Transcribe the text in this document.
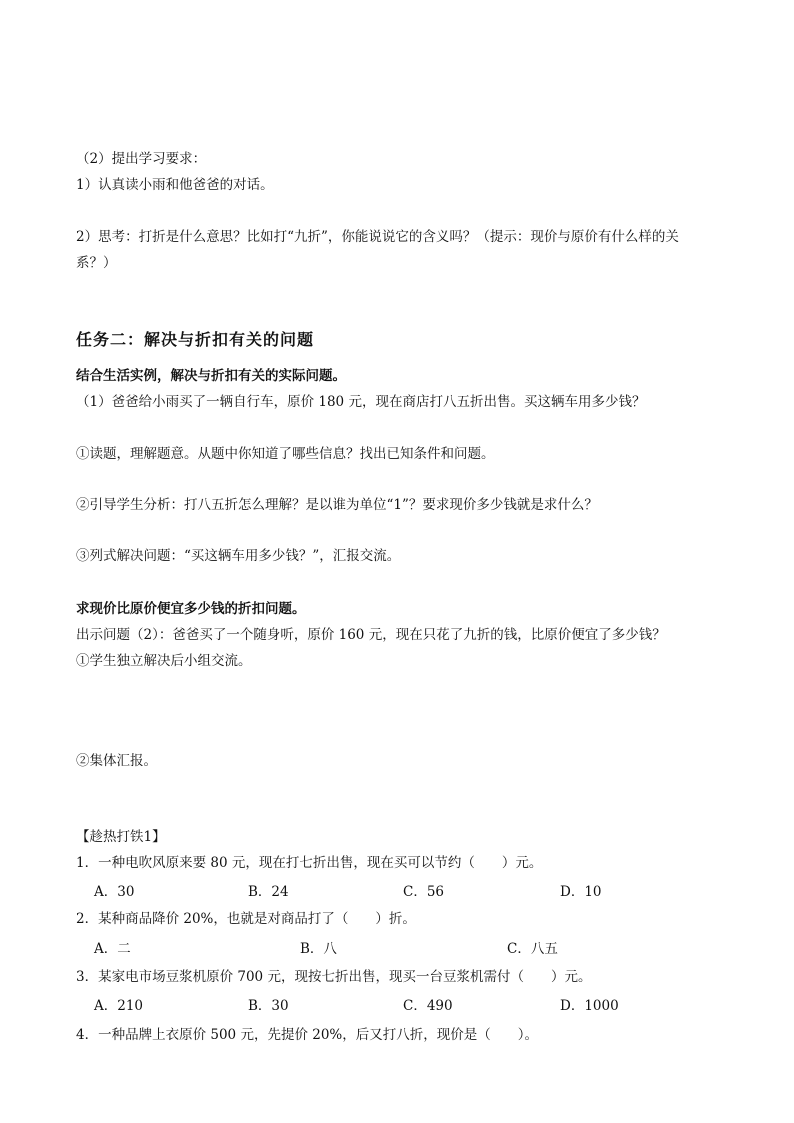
（2）提出学习要求：
1）认真读小雨和他爸爸的对话。
2）思考：打折是什么意思？比如打“九折”，你能说说它的含义吗？（提示：现价与原价有什么样的关
系？）
任务二：解决与折扣有关的问题
结合生活实例，解决与折扣有关的实际问题。
（1）爸爸给小雨买了一辆自行车，原价 180 元，现在商店打八五折出售。买这辆车用多少钱？
①读题，理解题意。从题中你知道了哪些信息？找出已知条件和问题。
②引导学生分析：打八五折怎么理解？是以谁为单位“1”？要求现价多少钱就是求什么？
③列式解决问题：“买这辆车用多少钱？”，汇报交流。
求现价比原价便宜多少钱的折扣问题。
出示问题（2）：爸爸买了一个随身听，原价 160 元，现在只花了九折的钱，比原价便宜了多少钱？
①学生独立解决后小组交流。
②集体汇报。
【趁热打铁1】
1．一种电吹风原来要 80 元，现在打七折出售，现在买可以节约（　　）元。
A．30	B．24	C．56	D．10
2．某种商品降价 20%，也就是对商品打了（　　）折。
A．二	B．八	C．八五
3．某家电市场豆浆机原价 700 元，现按七折出售，现买一台豆浆机需付（　　）元。
A．210	B．30	C．490	D．1000
4．一种品牌上衣原价 500 元，先提价 20%，后又打八折，现价是（　　）。
